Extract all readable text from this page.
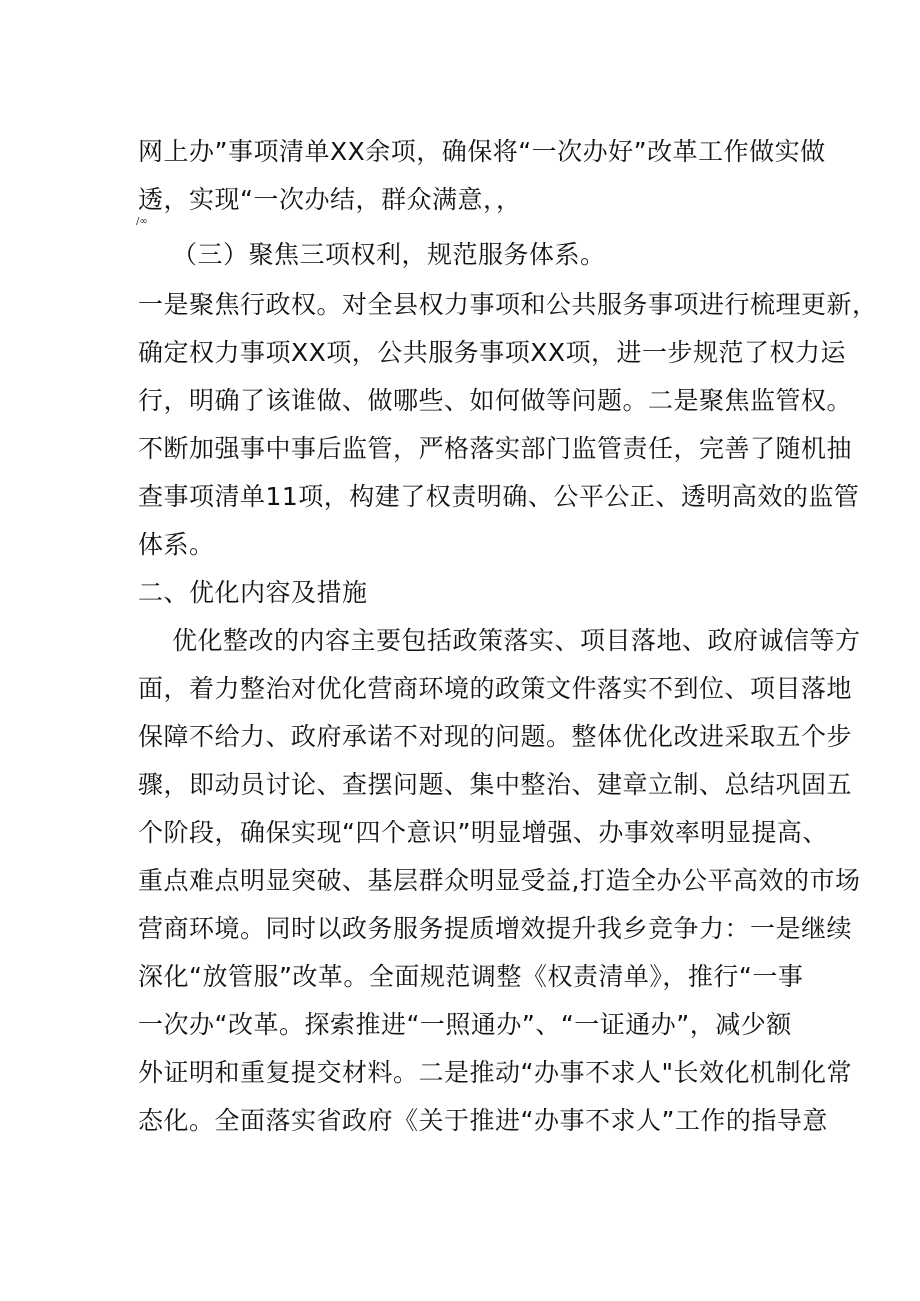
网上办”事项清单XX余项，确保将“一次办好”改革工作做实做
透，实现“一次办结，群众满意，，
/∞
（三）聚焦三项权利，规范服务体系。
一是聚焦行政权。对全县权力事项和公共服务事项进行梳理更新，
确定权力事项XX项，公共服务事项XX项，进一步规范了权力运
行，明确了该谁做、做哪些、如何做等问题。二是聚焦监管权。
不断加强事中事后监管，严格落实部门监管责任，完善了随机抽
查事项清单11项，构建了权责明确、公平公正、透明高效的监管
体系。
二、优化内容及措施
优化整改的内容主要包括政策落实、项目落地、政府诚信等方
面，着力整治对优化营商环境的政策文件落实不到位、项目落地
保障不给力、政府承诺不对现的问题。整体优化改进采取五个步
骤，即动员讨论、查摆问题、集中整治、建章立制、总结巩固五
个阶段，确保实现“四个意识”明显增强、办事效率明显提高、
重点难点明显突破、基层群众明显受益,打造全办公平高效的市场
营商环境。同时以政务服务提质增效提升我乡竞争力：一是继续
深化“放管服”改革。全面规范调整《权责清单》，推行“一事
一次办“改革。探索推进“一照通办”、“一证通办”，减少额
外证明和重复提交材料。二是推动“办事不求人"长效化机制化常
态化。全面落实省政府《关于推进“办事不求人”工作的指导意
